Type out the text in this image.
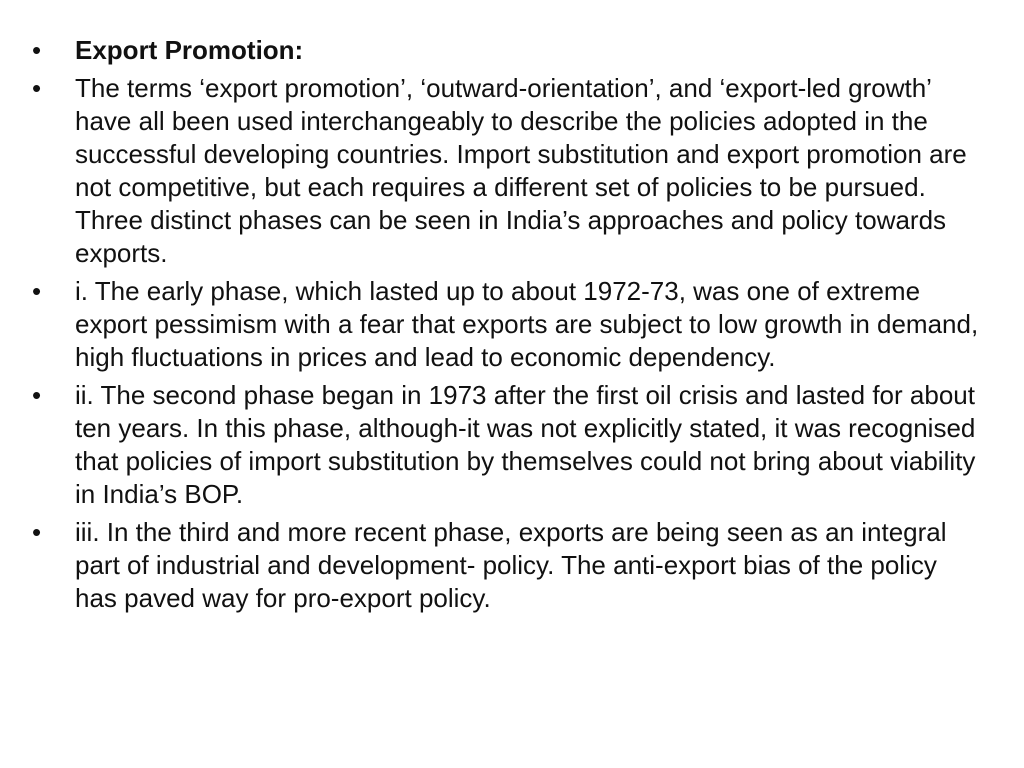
• Export Promotion:
• The terms ‘export promotion’, ‘outward-orientation’, and ‘export-led growth’ have all been used interchangeably to describe the policies adopted in the successful developing countries. Import substitution and export promotion are not competitive, but each requires a different set of policies to be pursued. Three distinct phases can be seen in India’s approaches and policy towards exports.
• i. The early phase, which lasted up to about 1972-73, was one of extreme export pessimism with a fear that exports are subject to low growth in demand, high fluctuations in prices and lead to economic dependency.
• ii. The second phase began in 1973 after the first oil crisis and lasted for about ten years. In this phase, although-it was not explicitly stated, it was recognised that policies of import substitution by themselves could not bring about viability in India’s BOP.
• iii. In the third and more recent phase, exports are being seen as an integral part of industrial and development- policy. The anti-export bias of the policy has paved way for pro-export policy.
